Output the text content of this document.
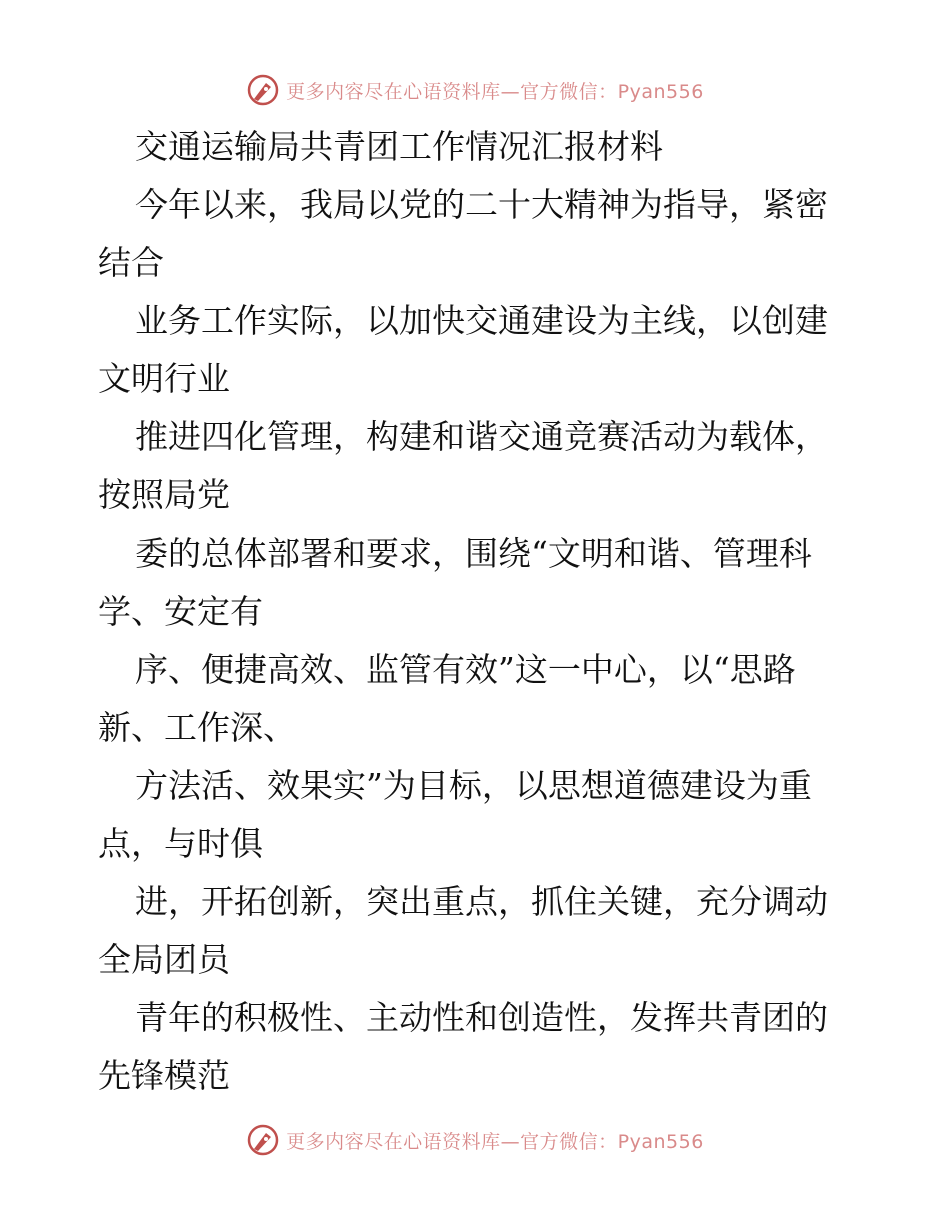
更多内容尽在心语资料库—官方微信：Pyan556
交通运输局共青团工作情况汇报材料
今年以来，我局以党的二十大精神为指导，紧密
结合
业务工作实际，以加快交通建设为主线，以创建
文明行业
推进四化管理，构建和谐交通竞赛活动为载体，
按照局党
委的总体部署和要求，围绕“文明和谐、管理科
学、安定有
序、便捷高效、监管有效”这一中心，以“思路
新、工作深、
方法活、效果实”为目标，以思想道德建设为重
点，与时俱
进，开拓创新，突出重点，抓住关键，充分调动
全局团员
青年的积极性、主动性和创造性，发挥共青团的
先锋模范
更多内容尽在心语资料库—官方微信：Pyan556
